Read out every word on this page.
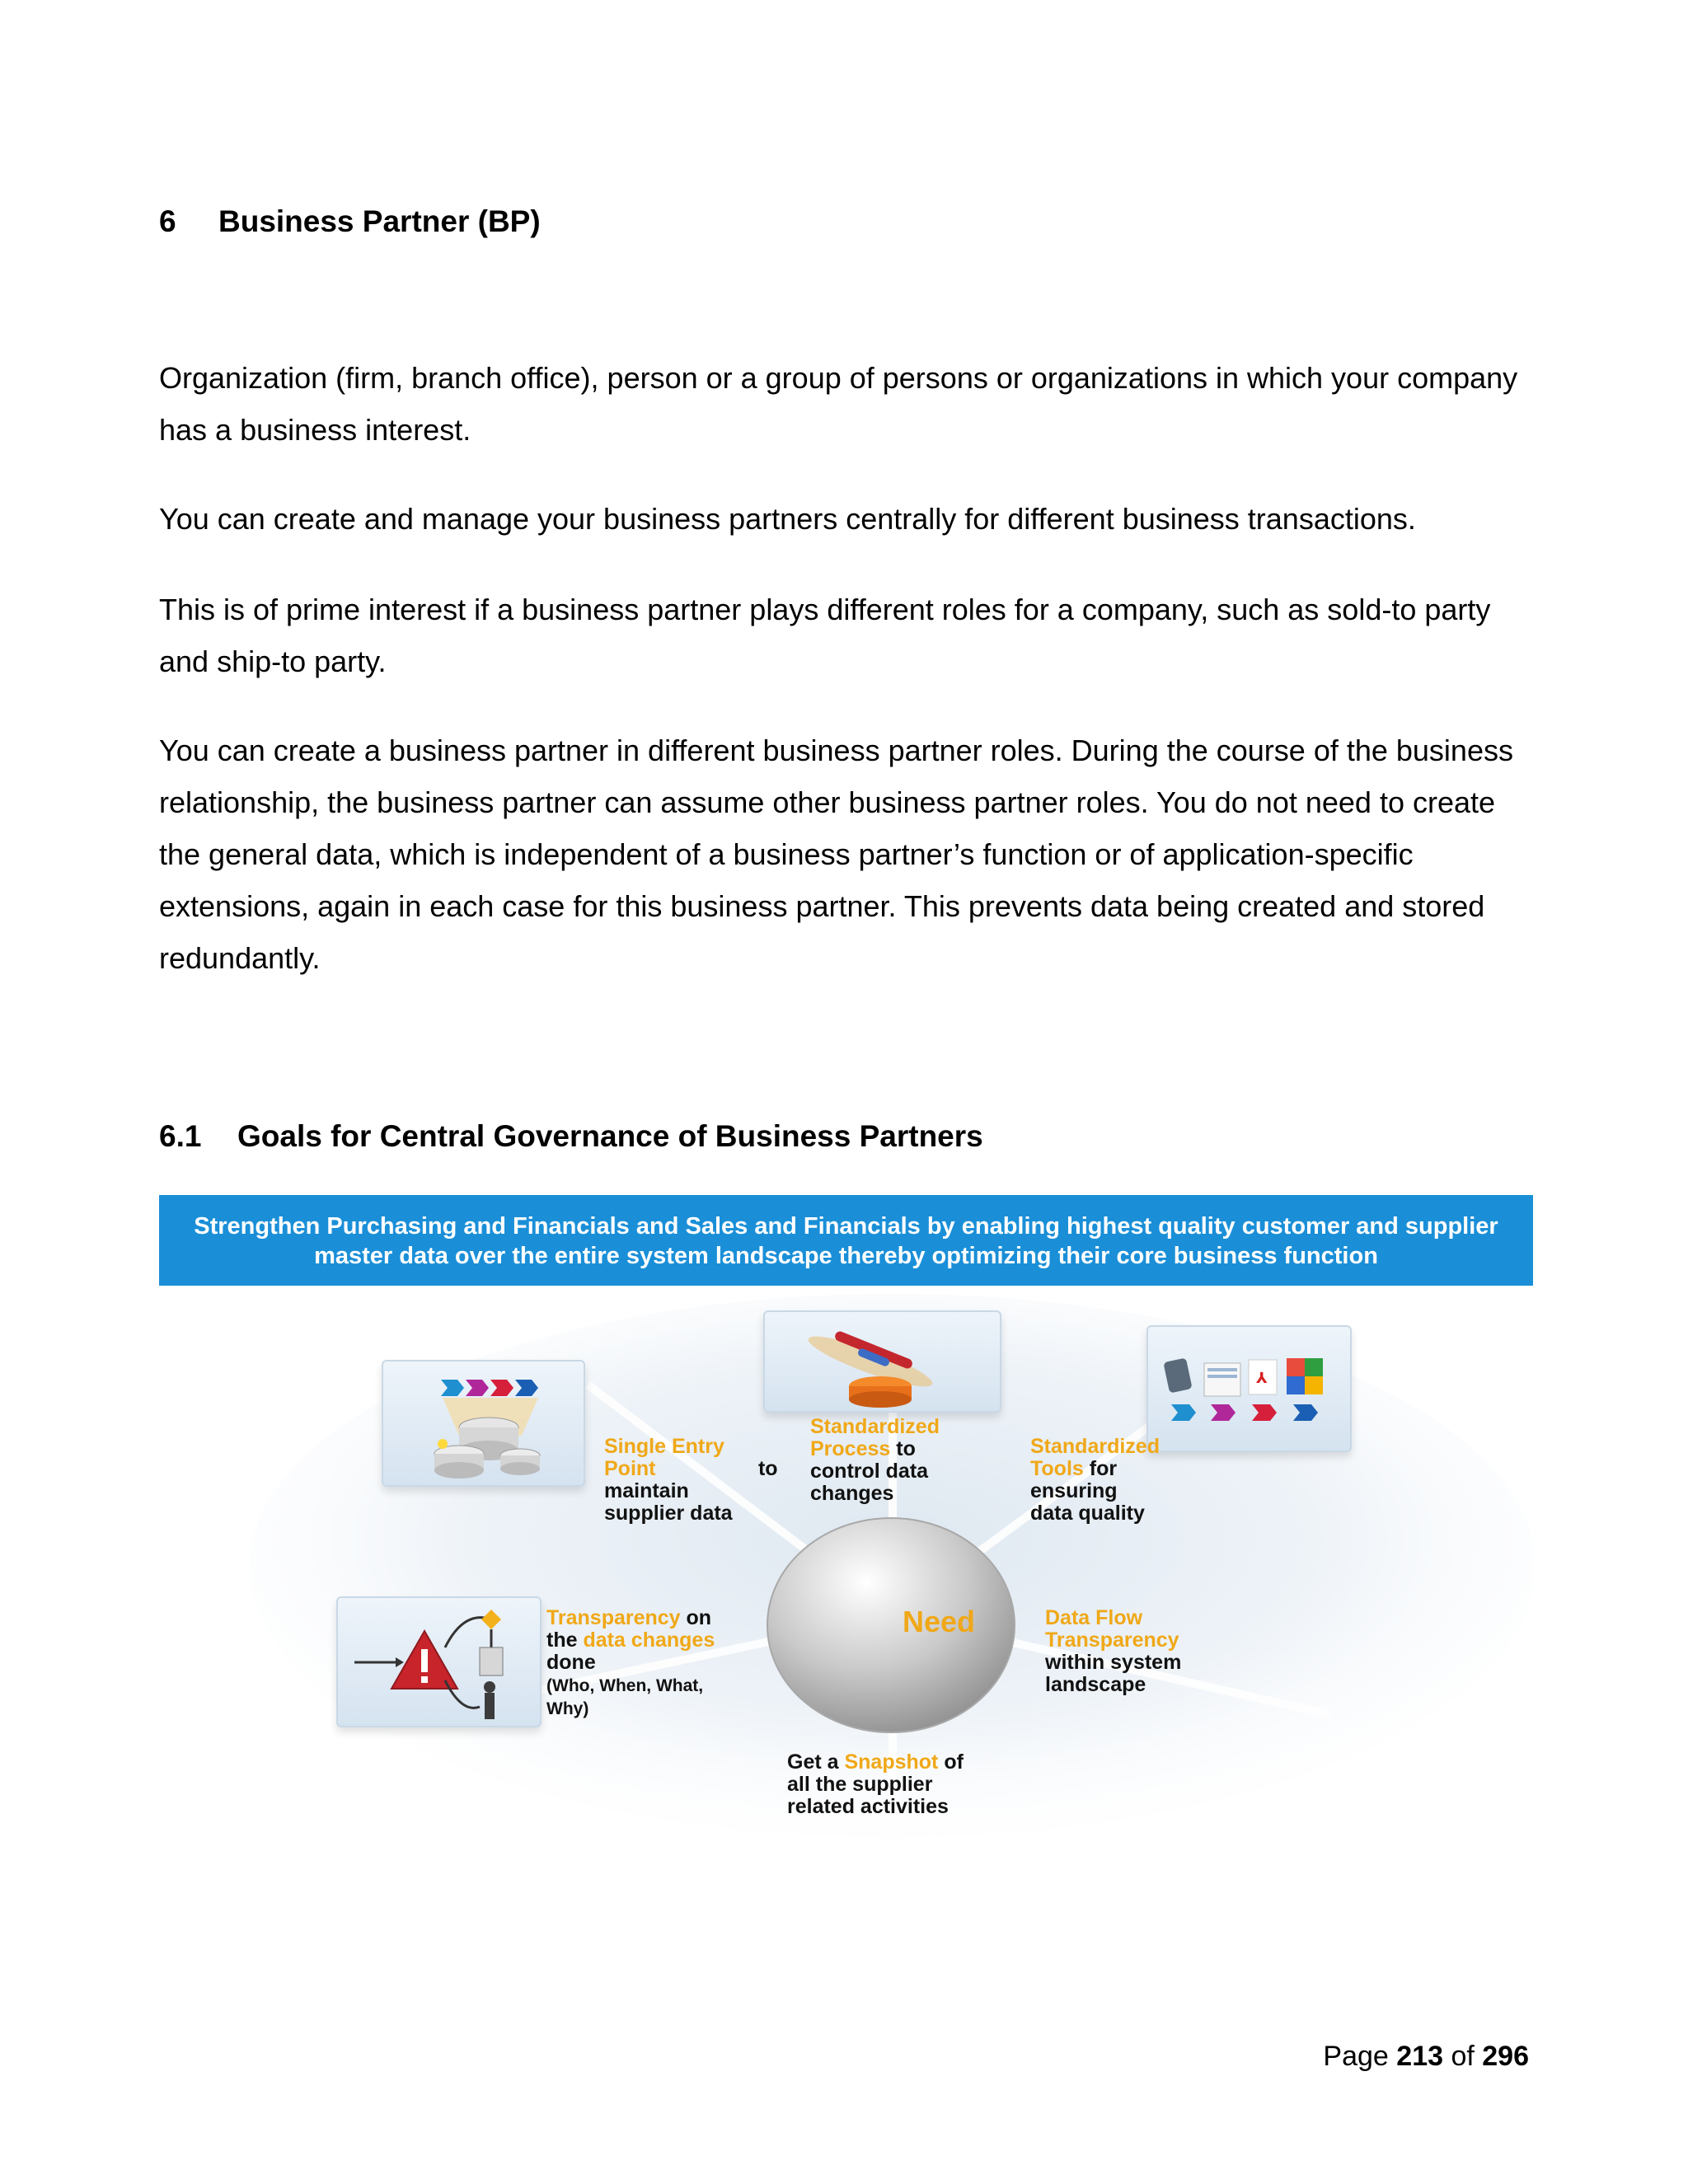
6 Business Partner (BP)

Organization (firm, branch office), person or a group of persons or organizations in which your company has a business interest.

You can create and manage your business partners centrally for different business transactions.

This is of prime interest if a business partner plays different roles for a company, such as sold-to party and ship-to party.

You can create a business partner in different business partner roles. During the course of the business relationship, the business partner can assume other business partner roles. You do not need to create the general data, which is independent of a business partner’s function or of application-specific extensions, again in each case for this business partner. This prevents data being created and stored redundantly.

6.1 Goals for Central Governance of Business Partners
Strengthen Purchasing and Financials and Sales and Financials by enabling highest quality customer and supplier
master data over the entire system landscape thereby optimizing their core business function
⅄
Single Entry Point	to
maintain
supplier data
Standardized
Process to
control data
changes
Standardized
Tools for
ensuring
data quality
Transparency on
the data changes
done
(Who, When, What,
Why)
Data Flow
Transparency
within system
landscape
Get a Snapshot of
all the supplier
related activities
Need
Page 213 of 296
